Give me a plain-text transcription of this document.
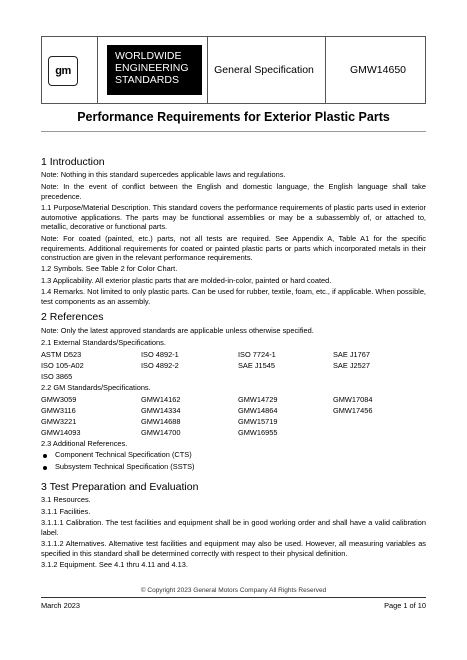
gm
WORLDWIDE
ENGINEERING
STANDARDS
General Specification	GMW14650
Performance Requirements for Exterior Plastic Parts
1 Introduction
Note: Nothing in this standard supercedes applicable laws and regulations.
Note: In the event of conflict between the English and domestic language, the English language shall take precedence.
1.1 Purpose/Material Description. This standard covers the performance requirements of plastic parts used in exterior automotive applications. The parts may be functional assemblies or may be a subassembly of, or attached to, metallic, decorative or functional parts.
Note: For coated (painted, etc.) parts, not all tests are required. See Appendix A, Table A1 for the specific requirements. Additional requirements for coated or painted plastic parts or parts which incorporated metals in their construction are given in the relevant performance requirements.
1.2 Symbols. See Table 2 for Color Chart.
1.3 Applicability. All exterior plastic parts that are molded-in-color, painted or hard coated.
1.4 Remarks. Not limited to only plastic parts. Can be used for rubber, textile, foam, etc., if applicable. When possible, test components as an assembly.
2 References
Note: Only the latest approved standards are applicable unless otherwise specified.
2.1 External Standards/Specifications.
ASTM D523	ISO 4892-1	ISO 7724-1	SAE J1767
ISO 105-A02	ISO 4892-2	SAE J1545	SAE J2527
ISO 3865
2.2 GM Standards/Specifications.
GMW3059	GMW14162	GMW14729	GMW17084
GMW3116	GMW14334	GMW14864	GMW17456
GMW3221	GMW14688	GMW15719
GMW14093	GMW14700	GMW16955
2.3 Additional References.
Component Technical Specification (CTS)
Subsystem Technical Specification (SSTS)
3 Test Preparation and Evaluation
3.1 Resources.
3.1.1 Facilities.
3.1.1.1 Calibration. The test facilities and equipment shall be in good working order and shall have a valid calibration label.
3.1.1.2 Alternatives. Alternative test facilities and equipment may also be used. However, all measuring variables as specified in this standard shall be determined correctly with respect to their physical definition.
3.1.2 Equipment. See 4.1 thru 4.11 and 4.13.
© Copyright 2023 General Motors Company All Rights Reserved
March 2023	Page 1 of 10
